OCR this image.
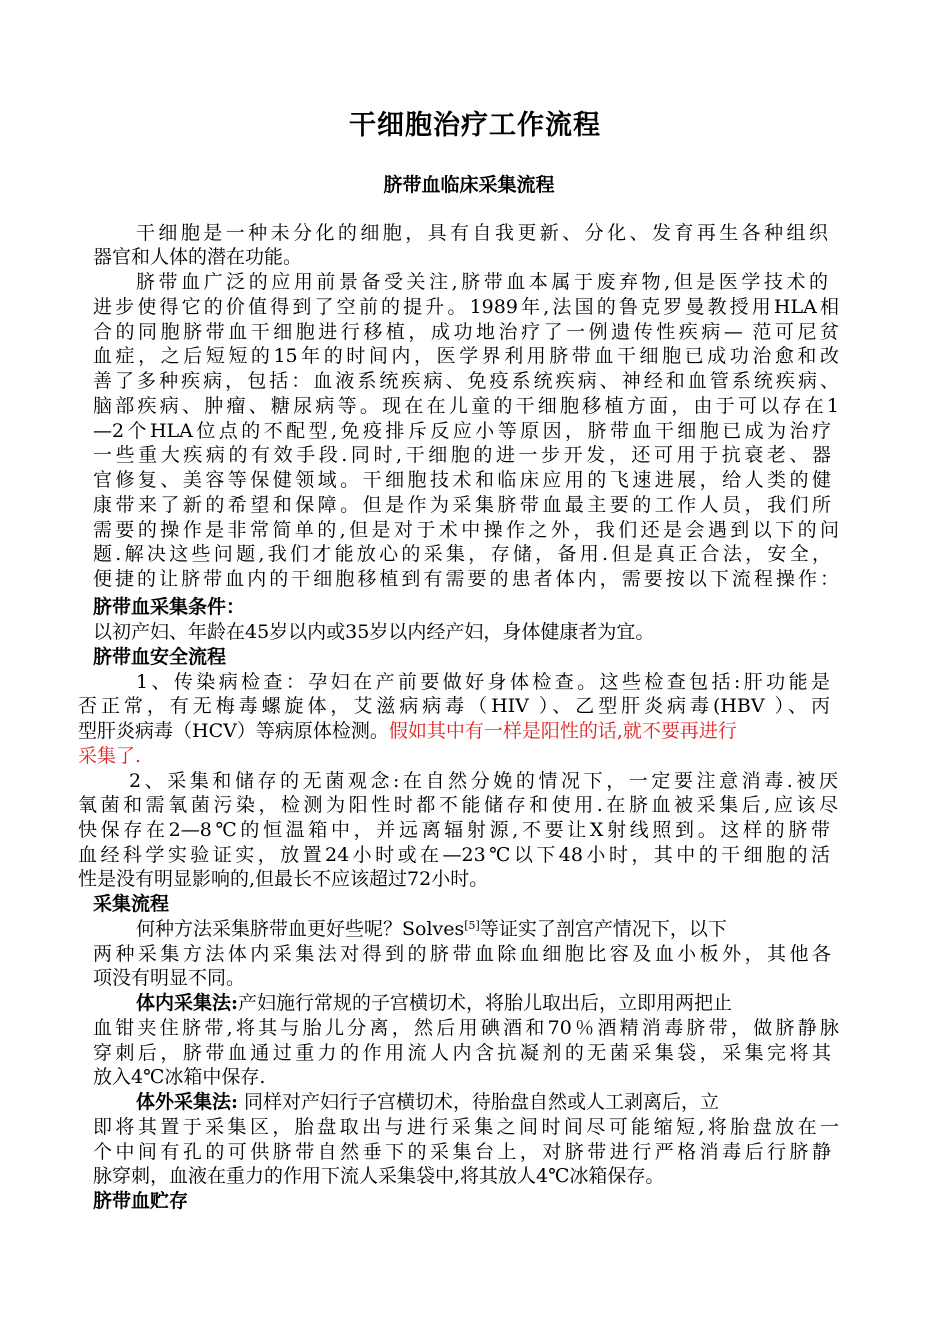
干细胞治疗工作流程
脐带血临床采集流程
干细胞是一种未分化的细胞，具有自我更新、分化、发育再生各种组织
器官和人体的潜在功能。
脐带血广泛的应用前景备受关注,脐带血本属于废弃物,但是医学技术的
进步使得它的价值得到了空前的提升。1989年,法国的鲁克罗曼教授用HLA相
合的同胞脐带血干细胞进行移植，成功地治疗了一例遗传性疾病— 范可尼贫
血症，之后短短的15年的时间内，医学界利用脐带血干细胞已成功治愈和改
善了多种疾病，包括：血液系统疾病、免疫系统疾病、神经和血管系统疾病、
脑部疾病、肿瘤、糖尿病等。现在在儿童的干细胞移植方面，由于可以存在1
—2个HLA位点的不配型,免疫排斥反应小等原因，脐带血干细胞已成为治疗
一些重大疾病的有效手段.同时,干细胞的进一步开发，还可用于抗衰老、器
官修复、美容等保健领域。干细胞技术和临床应用的飞速进展，给人类的健
康带来了新的希望和保障。但是作为采集脐带血最主要的工作人员，我们所
需要的操作是非常简单的,但是对于术中操作之外，我们还是会遇到以下的问
题.解决这些问题,我们才能放心的采集，存储，备用.但是真正合法，安全，
便捷的让脐带血内的干细胞移植到有需要的患者体内，需要按以下流程操作：
脐带血采集条件：
以初产妇、年龄在45岁以内或35岁以内经产妇，身体健康者为宜。
脐带血安全流程
1、传染病检查：孕妇在产前要做好身体检查。这些检查包括:肝功能是
否正常，有无梅毒螺旋体，艾滋病病毒（HIV ）、乙型肝炎病毒(HBV ）、丙
型肝炎病毒（HCV）等病原体检测。假如其中有一样是阳性的话,就不要再进行
采集了.
2、采集和储存的无菌观念:在自然分娩的情况下，一定要注意消毒.被厌
氧菌和需氧菌污染，检测为阳性时都不能储存和使用.在脐血被采集后,应该尽
快保存在2—8℃的恒温箱中，并远离辐射源,不要让X射线照到。这样的脐带
血经科学实验证实，放置24小时或在—23℃以下48小时，其中的干细胞的活
性是没有明显影响的,但最长不应该超过72小时。
采集流程
何种方法采集脐带血更好些呢？Solves[5]等证实了剖宫产情况下，以下
两种采集方法体内采集法对得到的脐带血除血细胞比容及血小板外，其他各
项没有明显不同。
体内采集法:产妇施行常规的子宫横切术，将胎儿取出后，立即用两把止
血钳夹住脐带,将其与胎儿分离，然后用碘酒和70％酒精消毒脐带，做脐静脉
穿刺后，脐带血通过重力的作用流人内含抗凝剂的无菌采集袋，采集完将其
放入4℃冰箱中保存.
体外采集法: 同样对产妇行子宫横切术，待胎盘自然或人工剥离后，立
即将其置于采集区，胎盘取出与进行采集之间时间尽可能缩短,将胎盘放在一
个中间有孔的可供脐带自然垂下的采集台上，对脐带进行严格消毒后行脐静
脉穿刺，血液在重力的作用下流人采集袋中,将其放人4℃冰箱保存。
脐带血贮存
